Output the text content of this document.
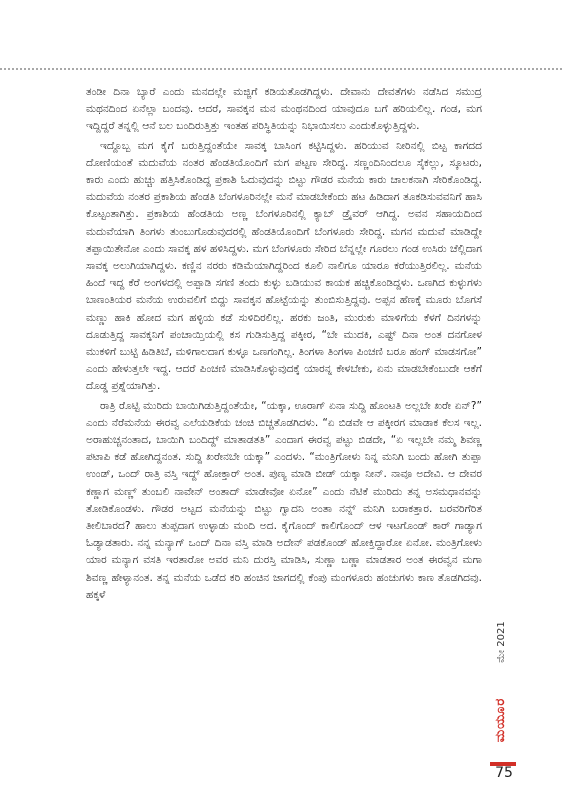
ತಂಡೀ ದಿನಾ ಬ್ಯಾರೆ ಎಂದು ಮನದಲ್ಲೇ ಮಜ್ಜಿಗೆ ಕಡಿಯತೊಡಗಿದ್ದಳು. ದೇವಾನು ದೇವತೆಗಳು ನಡೆಸಿದ ಸಮುದ್ರ ಮಥನದಿಂದ ಏನೆಲ್ಲಾ ಬಂದವು. ಆದರೆ, ಸಾವಕ್ಕನ ಮನ ಮಂಥನದಿಂದ ಯಾವುದೂ ಬಗೆ ಹರಿಯಲಿಲ್ಲ. ಗಂಡ, ಮಗ ಇದ್ದಿದ್ದರೆ ತನ್ನಲ್ಲಿ ಆನೆ ಬಲ ಬಂದಿರುತ್ತಿತ್ತು ಇಂತಹ ಪರಿಸ್ಥಿತಿಯನ್ನು ನಿಭಾಯಿಸಲು ಎಂದುಕೊಳ್ಳುತ್ತಿದ್ದಳು.

ಇದ್ದೊಬ್ಬ ಮಗ ಕೈಗೆ ಬರುತ್ತಿದ್ದಂತೆಯೇ ಸಾವಕ್ಕ ಬಾಸಿಂಗ ಕಟ್ಟಿಸಿದ್ದಳು. ಹರಿಯುವ ನೀರಿನಲ್ಲಿ ಬಿಟ್ಟ ಕಾಗದದ ದೋಣಿಯಂತೆ ಮದುವೆಯ ನಂತರ ಹೆಂಡತಿಯೊಂದಿಗೆ ಮಗ ಪಟ್ಟಣ ಸೇರಿದ್ದ. ಸಣ್ಣಂದಿನಿಂದಲೂ ಸೈಕಲ್ಲು, ಸ್ಕೂಟರು, ಕಾರು ಎಂದು ಹುಚ್ಚು ಹತ್ತಿಸಿಕೊಂಡಿದ್ದ ಪ್ರಕಾಶಿ ಓದುವುದನ್ನು ಬಿಟ್ಟು ಗೌಡರ ಮನೆಯ ಕಾರು ಚಾಲಕನಾಗಿ ಸೇರಿಕೊಂಡಿದ್ದ. ಮದುವೆಯ ನಂತರ ಪ್ರಕಾಶಿಯ ಹೆಂಡತಿ ಬೆಂಗಳೂರಿನಲ್ಲೇ ಮನೆ ಮಾಡಬೇಕೆಂದು ಹಟ ಹಿಡಿದಾಗ ತೂಕಡಿಸುವವನಿಗೆ ಹಾಸಿ ಕೊಟ್ಟಂತಾಗಿತ್ತು. ಪ್ರಕಾಶಿಯ ಹೆಂಡತಿಯ ಅಣ್ಣ ಬೆಂಗಳೂರಿನಲ್ಲಿ ಕ್ಯಾಬ್ ಡ್ರೈವರ್ ಆಗಿದ್ದ. ಅವನ ಸಹಾಯದಿಂದ ಮದುವೆಯಾಗಿ ತಿಂಗಳು ತುಂಬುಗೊಡುವುದರಲ್ಲಿ ಹೆಂಡತಿಯೊಂದಿಗೆ ಬೆಂಗಳೂರು ಸೇರಿದ್ದ. ಮಗನ ಮದುವೆ ಮಾಡಿದ್ದೇ ತಪ್ಪಾಯಿತೇನೋ ಎಂದು ಸಾವಕ್ಕ ಹಳ ಹಳಿಸಿದ್ದಳು. ಮಗ ಬೆಂಗಳೂರು ಸೇರಿದ ಬೆನ್ನಲ್ಲೇ ಗೂರಲು ಗಂಡ ಉಸಿರು ಚೆಲ್ಲಿದಾಗ ಸಾವಕ್ಕ ಅಲುಗಿಯಾಗಿದ್ದಳು. ಕಣ್ಣಿನ ನರರು ಕಡಿಮೆಯಾಗಿದ್ದರಿಂದ ಕೂಲಿ ನಾಲಿಗೂ ಯಾರೂ ಕರೆಯುತ್ತಿರಲಿಲ್ಲ. ಮನೆಯ ಹಿಂದೆ ಇದ್ದ ಕೆರೆ ಅಂಗಳದಲ್ಲಿ ಅಪ್ಪಾಡಿ ಸಗಣಿ ತಂದು ಕುಳ್ಳು ಬಡಿಯುವ ಕಾಯಕ ಹಚ್ಚಿಕೊಂಡಿದ್ದಳು. ಒಣಗಿದ ಕುಳ್ಳುಗಳು ಬಾಣಂತಿಯರ ಮನೆಯ ಉರುವಲಿಗೆ ಬಿದ್ದು ಸಾವಕ್ಕನ ಹೊಟ್ಟೆಯನ್ನು ತುಂಬಿಸುತ್ತಿದ್ದವು. ಅಪ್ಪನ ಹೆಣಕ್ಕೆ ಮೂರು ಬೊಗಸೆ ಮಣ್ಣು ಹಾಕಿ ಹೋದ ಮಗ ಹಳ್ಳಿಯ ಕಡೆ ಸುಳಿದಿರಲಿಲ್ಲ. ಹರಕು ಜಂತಿ, ಮುರುಕು ಮಾಳಿಗೆಯ ಕೆಳಗೆ ದಿನಗಳನ್ನು ದೂಡುತ್ತಿದ್ದ ಸಾವಕ್ಕನಿಗೆ ಪಂಚಾಯ್ತಿಯಲ್ಲಿ ಕಸ ಗುಡಿಸುತ್ತಿದ್ದ ಪಕ್ಕೀರ, “ಬೇ ಮುದಕಿ, ಎಷ್ಟ್ ದಿನಾ ಅಂತ ದನಗೋಳ ಮುಕಳಿಗೆ ಬುಟ್ಟಿ ಹಿಡಿತಿಬೆ, ಮಳಿಗಾಲದಾಗ ಕುಳ್ಳೂ ಒಣಗಂಗಿಲ್ಲ. ತಿಂಗಳಾ ತಿಂಗಳಾ ಪಿಂಚಣಿ ಬರೂ ಹಂಗ್ ಮಾಡಸಗೋ” ಎಂದು ಹೇಳುತ್ತಲೇ ಇದ್ದ. ಆದರೆ ಪಿಂಚಣಿ ಮಾಡಿಸಿಕೊಳ್ಳುವುದಕ್ಕೆ ಯಾರನ್ನ ಕೇಳಬೇಕು, ಏನು ಮಾಡಬೇಕೆಂಬುದೇ ಆಕೆಗೆ ದೊಡ್ಡ ಪ್ರಶ್ನೆಯಾಗಿತ್ತು.

ರಾತ್ರಿ ರೊಟ್ಟಿ ಮುರಿದು ಬಾಯಿಗಿಡುತ್ತಿದ್ದಂತೆಯೇ, “ಯಕ್ಕಾ, ಊರಾಗ್ ಏನಾ ಸುದ್ದಿ ಹೊಂಟತಿ ಅಲ್ಲಬೇ ಖರೇ ಏನ್?” ಎಂದು ನೆರೆಮನೆಯ ಈರವ್ವ ಎಲೆಯಡಿಕೆಯ ಚಂಚಿ ಬಿಚ್ಚತೊಡಗಿದಳು. “ಏ ಬಿಡವೇ ಆ ಪಕ್ಕೀರಗ ಮಾಡಾಕ ಕೆಲಸ ಇಲ್ಲ. ಅರಾಹುಚ್ಚನಂತಾದ, ಬಾಯಿಗಿ ಬಂದಿದ್ದ್ ಮಾತಾಡತತಿ” ಎಂದಾಗ ಈರವ್ವ ಪಟ್ಟು ಬಿಡದೇ, “ಏ ಇಲ್ಲಬೇ ನಮ್ಮ ಶಿವಣ್ಣ ಪಟಾಪಿ ಕಡೆ ಹೋಗಿದ್ದನಂತ. ಸುದ್ದಿ ಖರೇನಬೇ ಯಕ್ಕಾ” ಎಂದಳು. “ಮಂತ್ರಿಗೋಳು ನಿನ್ನ ಮನಿಗಿ ಬಂದು ಹೋಗಿ ತುಪ್ಪಾ ಉಂಡ್, ಒಂದ್ ರಾತ್ರಿ ವಸ್ತಿ ಇದ್ದ್ ಹೋಕ್ತಾರ್ ಅಂತ. ಪುಣ್ಯ ಮಾಡಿ ಬೀಡ್ ಯಕ್ಕಾ ನೀನ್. ನಾವೂ ಅದೇವಿ. ಆ ದೇವರ ಕಣ್ಣಾಗ ಮಣ್ಣ್ ತುಂಬಲಿ ನಾವೇನ್ ಅಂತಾದ್ ಮಾಡೇವೋ ಏನೋ” ಎಂದು ನೆಟಿಕೆ ಮುರಿದು ತನ್ನ ಅಸಮಧಾನವನ್ನು ತೋಡಿಕೊಂಡಳು. ಗೌಡರ ಅಟ್ಟದ ಮನೆಯನ್ನು ಬಿಟ್ಟು ಗ್ವಾದನಿ ಅಂತಾ ನನ್ನ್ ಮನಿಗಿ ಬರಾಕತ್ತಾರ. ಬರವರಿಗೆರಿತ ತೀಲಿಬಾರದ? ಹಾಲು ತುಪ್ಪದಾಗ ಉಳ್ಳಾಡು ಮಂದಿ ಅದ. ಕೈಗೊಂದ್ ಕಾಲಿಗೊಂದ್ ಆಳ ಇಟಗೊಂಡ್ ಕಾರ್ ಗಾಡ್ಯಾಗ ಓಡ್ಯಾಡತಾರು. ನನ್ನ ಮನ್ಯಾಗ್ ಒಂದ್ ದಿನಾ ವಸ್ತಿ ಮಾಡಿ ಅದೇನ್ ಪಡಕೊಂಡ್ ಹೋಕ್ತಿದ್ದಾರೋ ಏನೋ. ಮಂತ್ರಿಗೋಳು ಯಾರ ಮನ್ಯಾಗ ವಸತಿ ಇರತಾರೋ ಅವರ ಮನಿ ದುರಸ್ತಿ ಮಾಡಿಸಿ, ಸುಣ್ಣಾ ಬಣ್ಣಾ ಮಾಡತಾರ ಅಂತ ಈರವ್ವನ ಮಗಾ ಶಿವಣ್ಣ ಹೇಳ್ಯಾನಂತ. ತನ್ನ ಮನೆಯ ಒಡೆದ ಕರಿ ಹಂಚಿನ ಜಾಗದಲ್ಲಿ ಕೆಂಪು ಮಂಗಳೂರು ಹಂಚುಗಳು ಕಾಣ ತೊಡಗಿದವು. ಹಕ್ಕಳೆ

ಮೇ 2021
ಮಯೂರ
75
